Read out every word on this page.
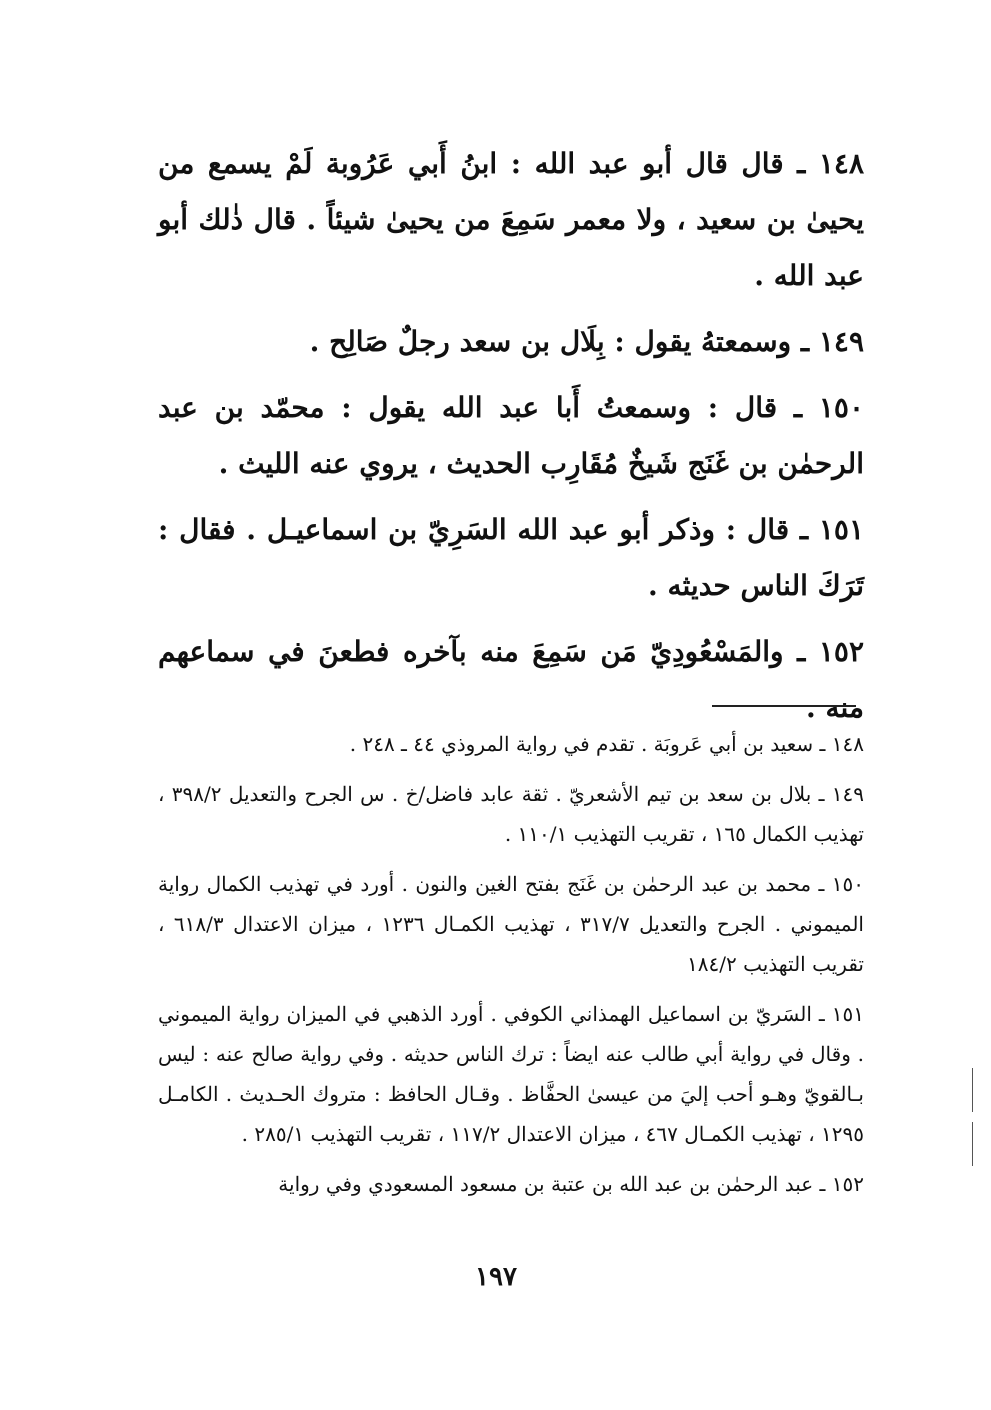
١٤٨ ـ قال قال أبو عبد الله : ابنُ أَبي عَرُوبة لَمْ يسمع من يحيىٰ بن سعيد ، ولا معمر سَمِعَ من يحيىٰ شيئاً . قال ذٰلك أبو عبد الله .

١٤٩ ـ وسمعتهُ يقول : بِلَال بن سعد رجلٌ صَالِح .

١٥٠ ـ قال : وسمعتُ أَبا عبد الله يقول : محمّد بن عبد الرحمٰن بن غَنَج شَيخٌ مُقَارِب الحديث ، يروي عنه الليث .

١٥١ ـ قال : وذكر أبو عبد الله السَرِيّ بن اسماعيـل . فقال : تَرَكَ الناس حديثه .

١٥٢ ـ والمَسْعُودِيّ مَن سَمِعَ منه بآخره فطعنَ في سماعهم منه .

١٤٨ ـ سعيد بن أبي عَروبَة . تقدم في رواية المروذي ٤٤ ـ ٢٤٨ .

١٤٩ ـ بلال بن سعد بن تيم الأشعريّ . ثقة عابد فاضل/خ . س الجرح والتعديل ٣٩٨/٢ ، تهذيب الكمال ١٦٥ ، تقريب التهذيب ١١٠/١ .

١٥٠ ـ محمد بن عبد الرحمٰن بن غَنَج بفتح الغين والنون . أورد في تهذيب الكمال رواية الميموني . الجرح والتعديل ٣١٧/٧ ، تهذيب الكمـال ١٢٣٦ ، ميزان الاعتدال ٦١٨/٣ ، تقريب التهذيب ١٨٤/٢

١٥١ ـ السَريّ بن اسماعيل الهمذاني الكوفي . أورد الذهبي في الميزان رواية الميموني . وقال في رواية أبي طالب عنه ايضاً : ترك الناس حديثه . وفي رواية صالح عنه : ليس بـالقويّ وهـو أحب إليَ من عيسىٰ الحفَّاظ . وقـال الحافظ : متروك الحـديث . الكامـل ١٢٩٥ ، تهذيب الكمـال ٤٦٧ ، ميزان الاعتدال ١١٧/٢ ، تقريب التهذيب ٢٨٥/١ .

١٥٢ ـ عبد الرحمٰن بن عبد الله بن عتبة بن مسعود المسعودي وفي رواية

١٩٧
